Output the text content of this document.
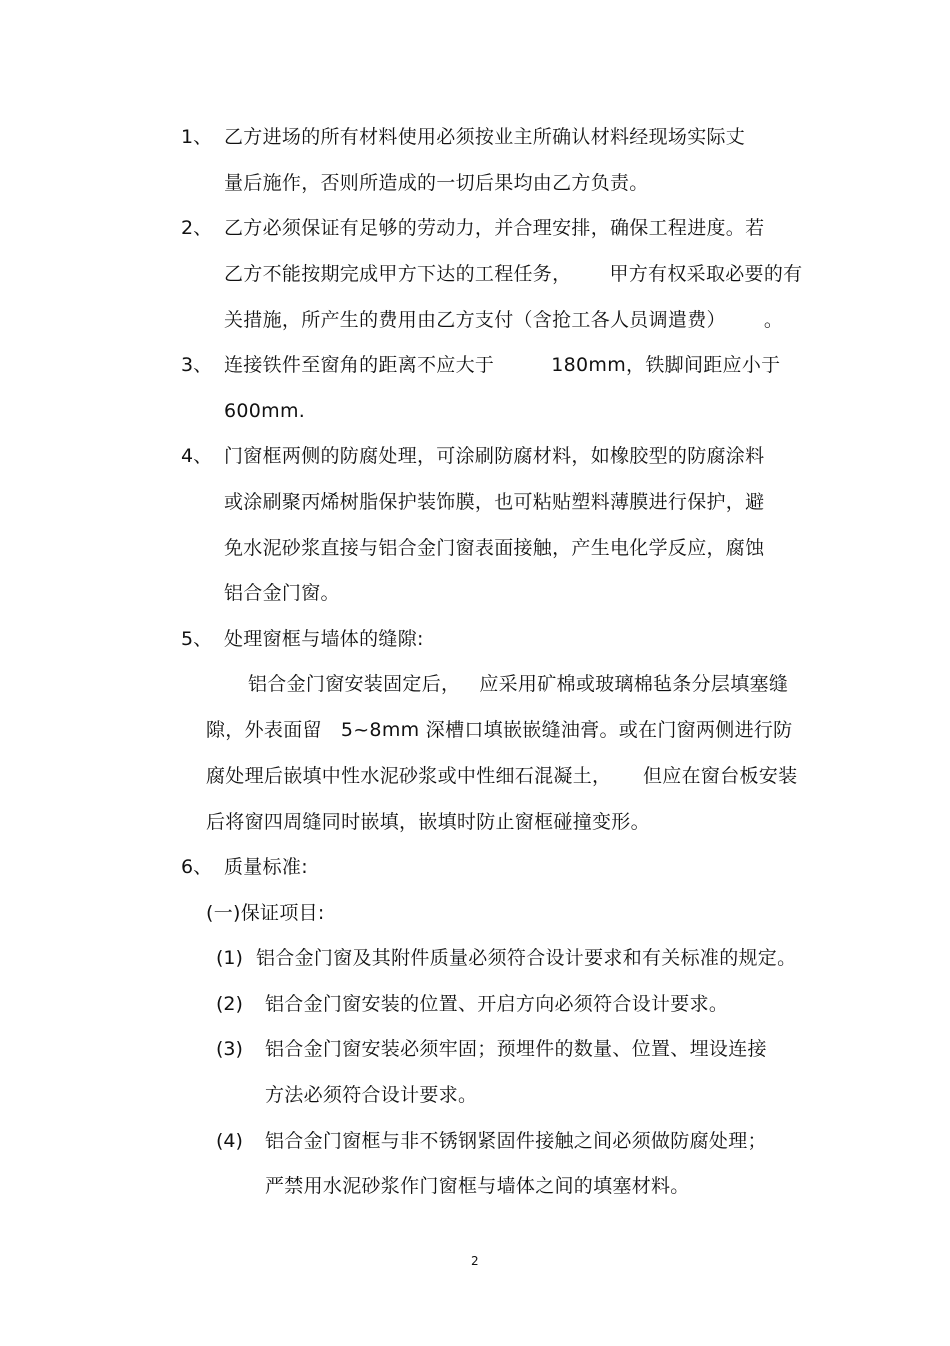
1、 乙方进场的所有材料使用必须按业主所确认材料经现场实际丈
量后施作，否则所造成的一切后果均由乙方负责。
2、 乙方必须保证有足够的劳动力，并合理安排，确保工程进度。若
乙方不能按期完成甲方下达的工程任务，      甲方有权采取必要的有
关措施，所产生的费用由乙方支付（含抢工各人员调遣费）      。
3、 连接铁件至窗角的距离不应大于         180mm，铁脚间距应小于
600mm.
4、 门窗框两侧的防腐处理，可涂刷防腐材料，如橡胶型的防腐涂料
或涂刷聚丙烯树脂保护装饰膜，也可粘贴塑料薄膜进行保护，避
免水泥砂浆直接与铝合金门窗表面接触，产生电化学反应，腐蚀
铝合金门窗。
5、 处理窗框与墙体的缝隙:
铝合金门窗安装固定后，   应采用矿棉或玻璃棉毡条分层填塞缝
隙，外表面留   5~8mm 深槽口填嵌嵌缝油膏。或在门窗两侧进行防
腐处理后嵌填中性水泥砂浆或中性细石混凝土，     但应在窗台板安装
后将窗四周缝同时嵌填，嵌填时防止窗框碰撞变形。
6、 质量标准:
(一)保证项目:
(1) 铝合金门窗及其附件质量必须符合设计要求和有关标准的规定。
(2) 铝合金门窗安装的位置、开启方向必须符合设计要求。
(3) 铝合金门窗安装必须牢固；预埋件的数量、位置、埋设连接
方法必须符合设计要求。
(4) 铝合金门窗框与非不锈钢紧固件接触之间必须做防腐处理；
严禁用水泥砂浆作门窗框与墙体之间的填塞材料。
2
